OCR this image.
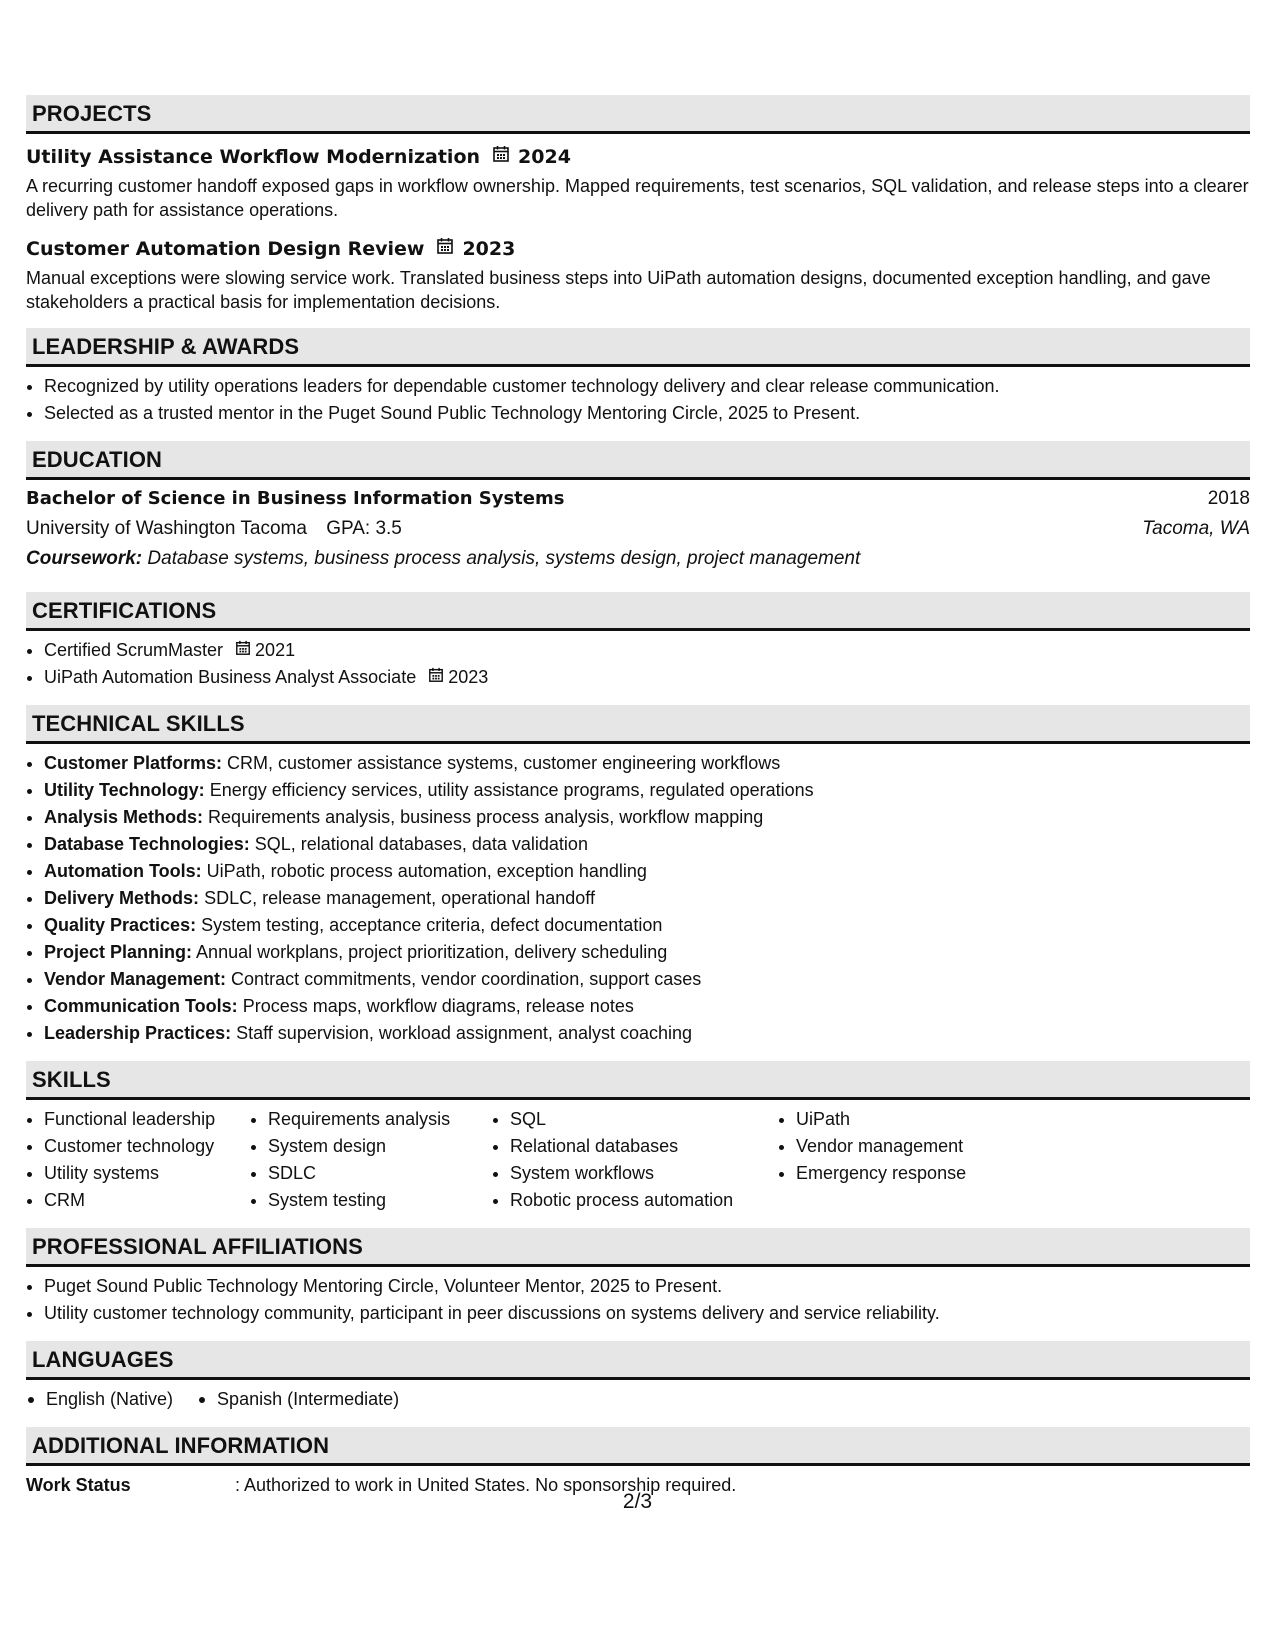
PROJECTS
Utility Assistance Workflow Modernization 2024
A recurring customer handoff exposed gaps in workflow ownership. Mapped requirements, test scenarios, SQL validation, and release steps into a clearer delivery path for assistance operations.
Customer Automation Design Review 2023
Manual exceptions were slowing service work. Translated business steps into UiPath automation designs, documented exception handling, and gave stakeholders a practical basis for implementation decisions.
LEADERSHIP & AWARDS
• Recognized by utility operations leaders for dependable customer technology delivery and clear release communication.
• Selected as a trusted mentor in the Puget Sound Public Technology Mentoring Circle, 2025 to Present.
EDUCATION
Bachelor of Science in Business Information Systems	2018
University of Washington Tacoma GPA: 3.5	Tacoma, WA
Coursework: Database systems, business process analysis, systems design, project management
CERTIFICATIONS
• Certified ScrumMaster 2021
• UiPath Automation Business Analyst Associate 2023
TECHNICAL SKILLS
• Customer Platforms: CRM, customer assistance systems, customer engineering workflows
• Utility Technology: Energy efficiency services, utility assistance programs, regulated operations
• Analysis Methods: Requirements analysis, business process analysis, workflow mapping
• Database Technologies: SQL, relational databases, data validation
• Automation Tools: UiPath, robotic process automation, exception handling
• Delivery Methods: SDLC, release management, operational handoff
• Quality Practices: System testing, acceptance criteria, defect documentation
• Project Planning: Annual workplans, project prioritization, delivery scheduling
• Vendor Management: Contract commitments, vendor coordination, support cases
• Communication Tools: Process maps, workflow diagrams, release notes
• Leadership Practices: Staff supervision, workload assignment, analyst coaching
SKILLS
• Functional leadership
• Customer technology
• Utility systems
• CRM
• Requirements analysis
• System design
• SDLC
• System testing
• SQL
• Relational databases
• System workflows
• Robotic process automation
• UiPath
• Vendor management
• Emergency response
PROFESSIONAL AFFILIATIONS
• Puget Sound Public Technology Mentoring Circle, Volunteer Mentor, 2025 to Present.
• Utility customer technology community, participant in peer discussions on systems delivery and service reliability.
LANGUAGES
English (Native) Spanish (Intermediate)
ADDITIONAL INFORMATION
Work Status	: Authorized to work in United States. No sponsorship required.
2/3
